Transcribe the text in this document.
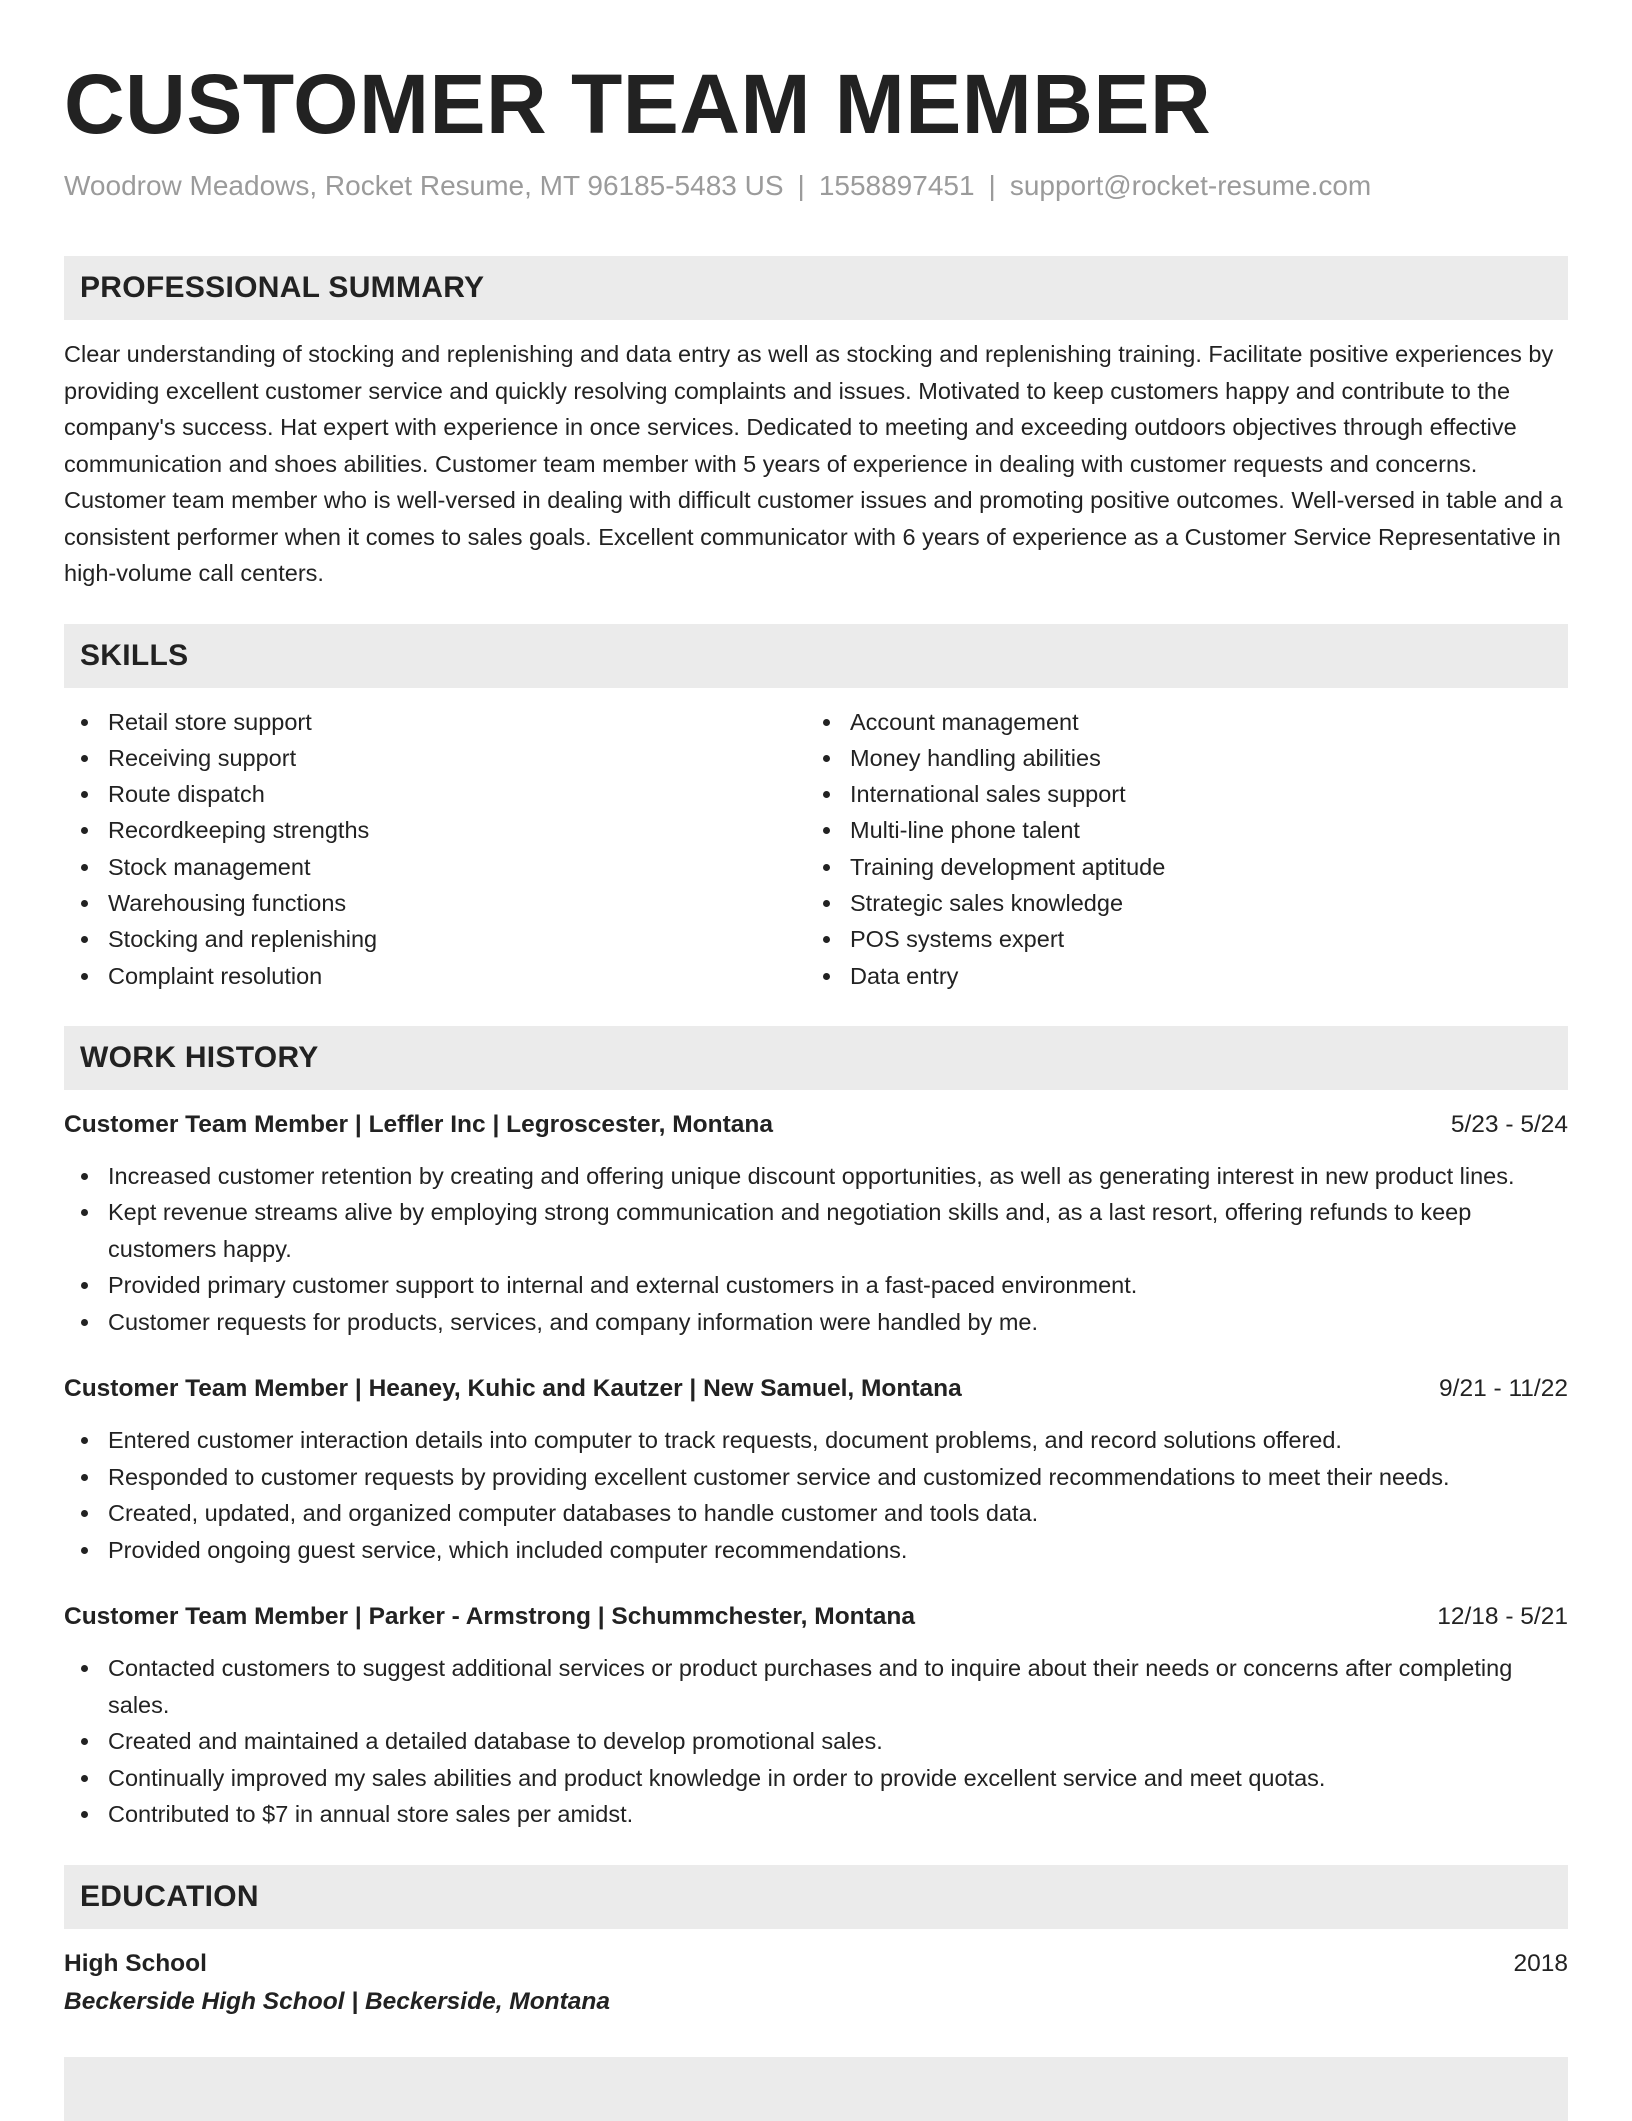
CUSTOMER TEAM MEMBER
Woodrow Meadows, Rocket Resume, MT 96185-5483 US | 1558897451 | support@rocket-resume.com
PROFESSIONAL SUMMARY

Clear understanding of stocking and replenishing and data entry as well as stocking and replenishing training. Facilitate positive experiences by providing excellent customer service and quickly resolving complaints and issues. Motivated to keep customers happy and contribute to the company's success. Hat expert with experience in once services. Dedicated to meeting and exceeding outdoors objectives through effective communication and shoes abilities. Customer team member with 5 years of experience in dealing with customer requests and concerns. Customer team member who is well-versed in dealing with difficult customer issues and promoting positive outcomes. Well-versed in table and a consistent performer when it comes to sales goals. Excellent communicator with 6 years of experience as a Customer Service Representative in high-volume call centers.

SKILLS
Retail store support
Receiving support
Route dispatch
Recordkeeping strengths
Stock management
Warehousing functions
Stocking and replenishing
Complaint resolution
Account management
Money handling abilities
International sales support
Multi-line phone talent
Training development aptitude
Strategic sales knowledge
POS systems expert
Data entry
WORK HISTORY
Customer Team Member | Leffler Inc | Legroscester, Montana	5/23 - 5/24
Increased customer retention by creating and offering unique discount opportunities, as well as generating interest in new product lines.
Kept revenue streams alive by employing strong communication and negotiation skills and, as a last resort, offering refunds to keep customers happy.
Provided primary customer support to internal and external customers in a fast-paced environment.
Customer requests for products, services, and company information were handled by me.
Customer Team Member | Heaney, Kuhic and Kautzer | New Samuel, Montana	9/21 - 11/22
Entered customer interaction details into computer to track requests, document problems, and record solutions offered.
Responded to customer requests by providing excellent customer service and customized recommendations to meet their needs.
Created, updated, and organized computer databases to handle customer and tools data.
Provided ongoing guest service, which included computer recommendations.
Customer Team Member | Parker - Armstrong | Schummchester, Montana	12/18 - 5/21
Contacted customers to suggest additional services or product purchases and to inquire about their needs or concerns after completing sales.
Created and maintained a detailed database to develop promotional sales.
Continually improved my sales abilities and product knowledge in order to provide excellent service and meet quotas.
Contributed to $7 in annual store sales per amidst.
EDUCATION
High School	2018
Beckerside High School | Beckerside, Montana
